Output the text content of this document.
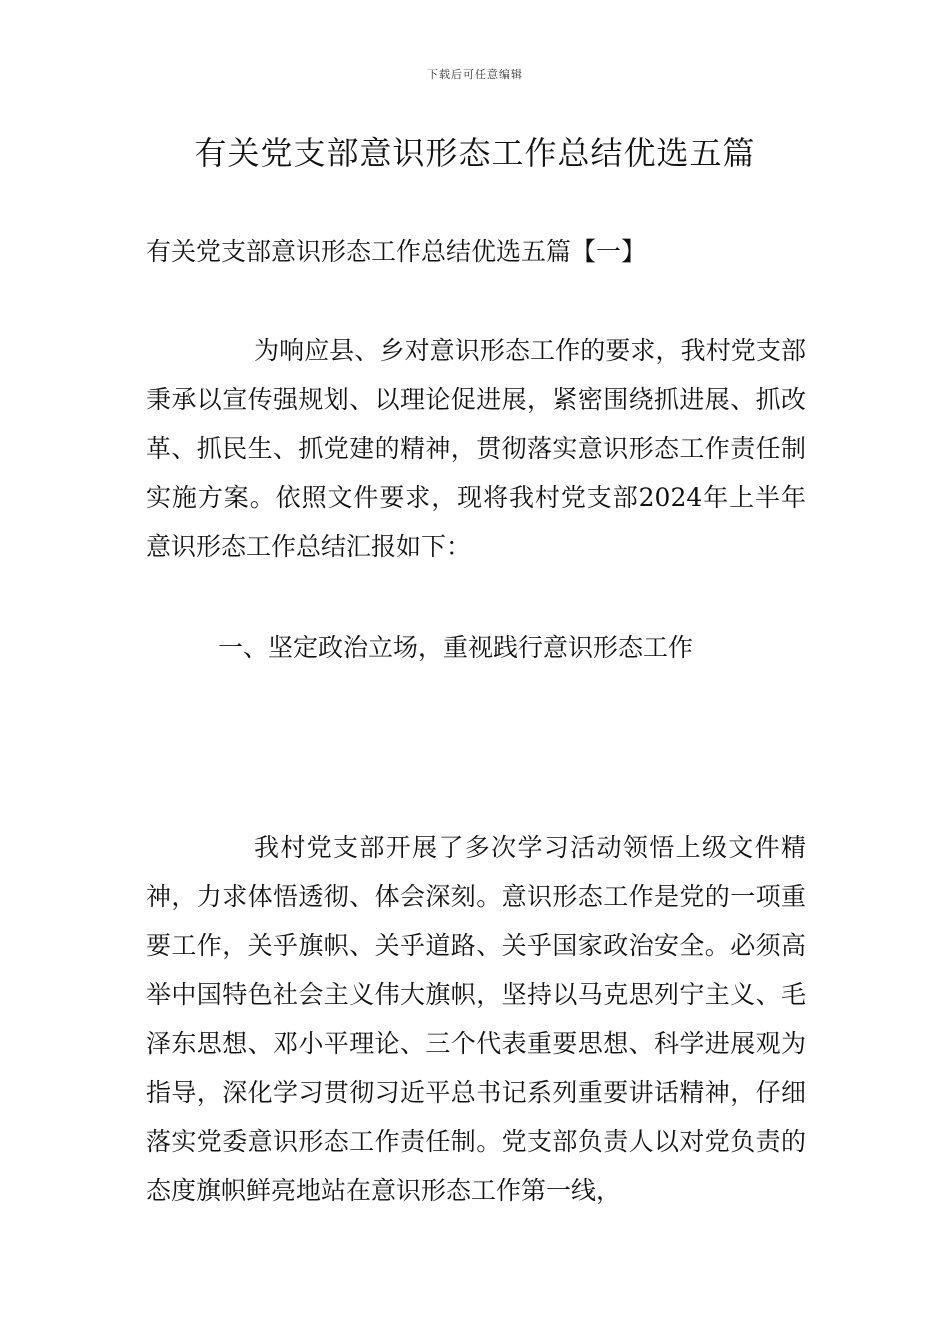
下载后可任意编辑
有关党支部意识形态工作总结优选五篇

有关党支部意识形态工作总结优选五篇【一】

为响应县、乡对意识形态工作的要求，我村党支部秉承以宣传强规划、以理论促进展，紧密围绕抓进展、抓改革、抓民生、抓党建的精神，贯彻落实意识形态工作责任制实施方案。依照文件要求，现将我村党支部2024年上半年意识形态工作总结汇报如下：

一、坚定政治立场，重视践行意识形态工作

我村党支部开展了多次学习活动领悟上级文件精神，力求体悟透彻、体会深刻。意识形态工作是党的一项重要工作，关乎旗帜、关乎道路、关乎国家政治安全。必须高举中国特色社会主义伟大旗帜，坚持以马克思列宁主义、毛泽东思想、邓小平理论、三个代表重要思想、科学进展观为指导，深化学习贯彻习近平总书记系列重要讲话精神，仔细落实党委意识形态工作责任制。党支部负责人以对党负责的态度旗帜鲜亮地站在意识形态工作第一线，
